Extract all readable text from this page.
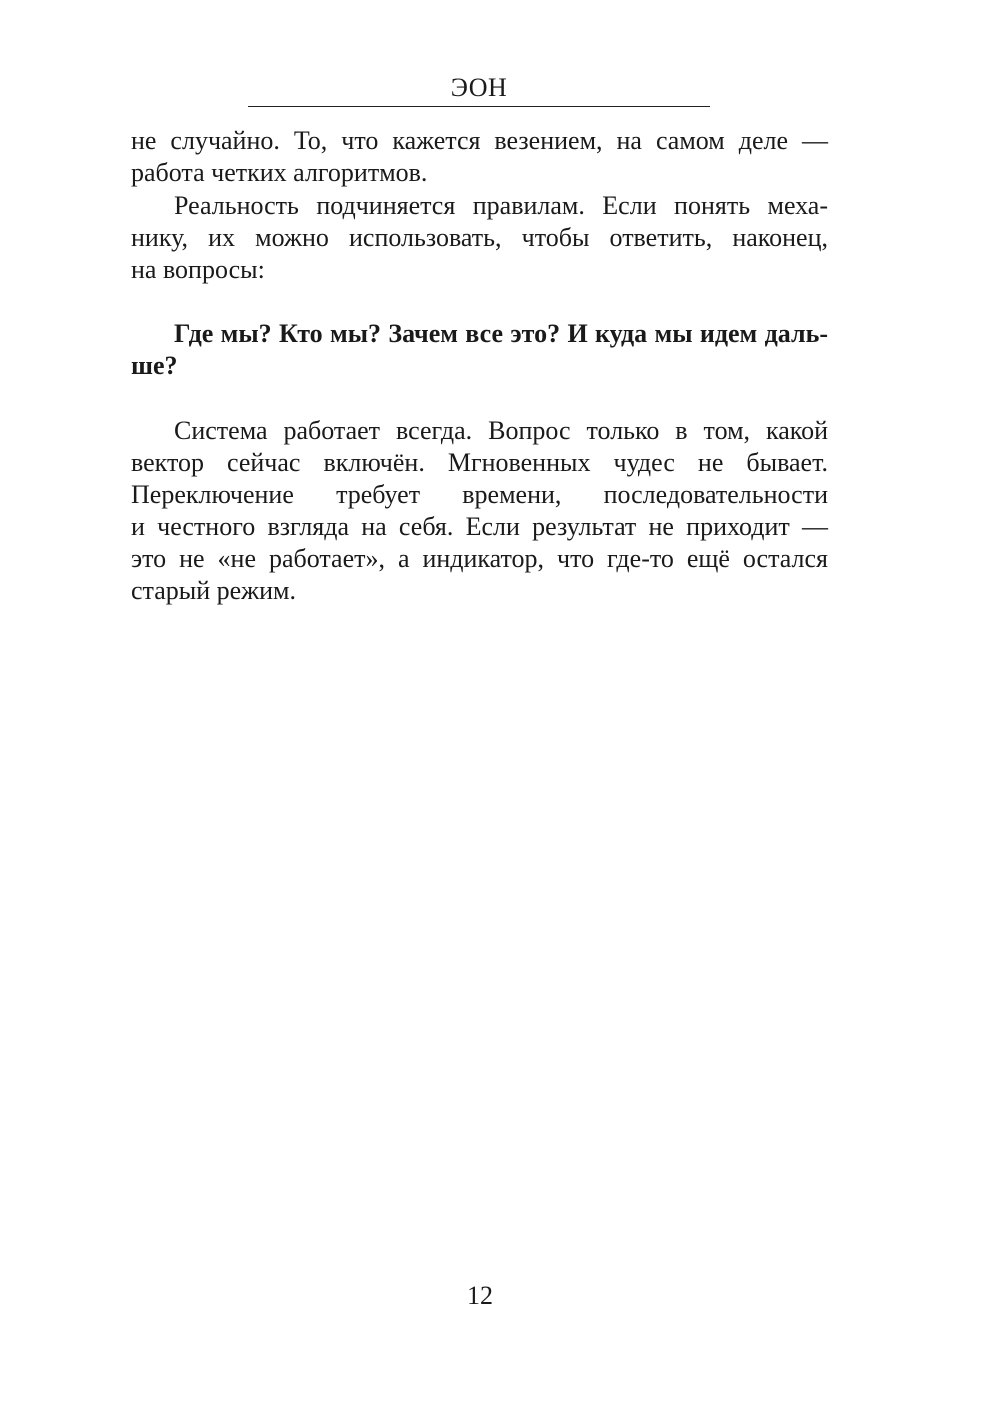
ЭОН
не случайно. То, что кажется везением, на самом деле —
работа четких алгоритмов.
Реальность подчиняется правилам. Если понять меха-
нику, их можно использовать, чтобы ответить, наконец,
на вопросы:
Где мы? Кто мы? Зачем все это? И куда мы идем даль-
ше?
Система работает всегда. Вопрос только в том, какой
вектор сейчас включён. Мгновенных чудес не бывает.
Переключение требует времени, последовательности
и честного взгляда на себя. Если результат не приходит —
это не «не работает», а индикатор, что где-то ещё остался
старый режим.
12
